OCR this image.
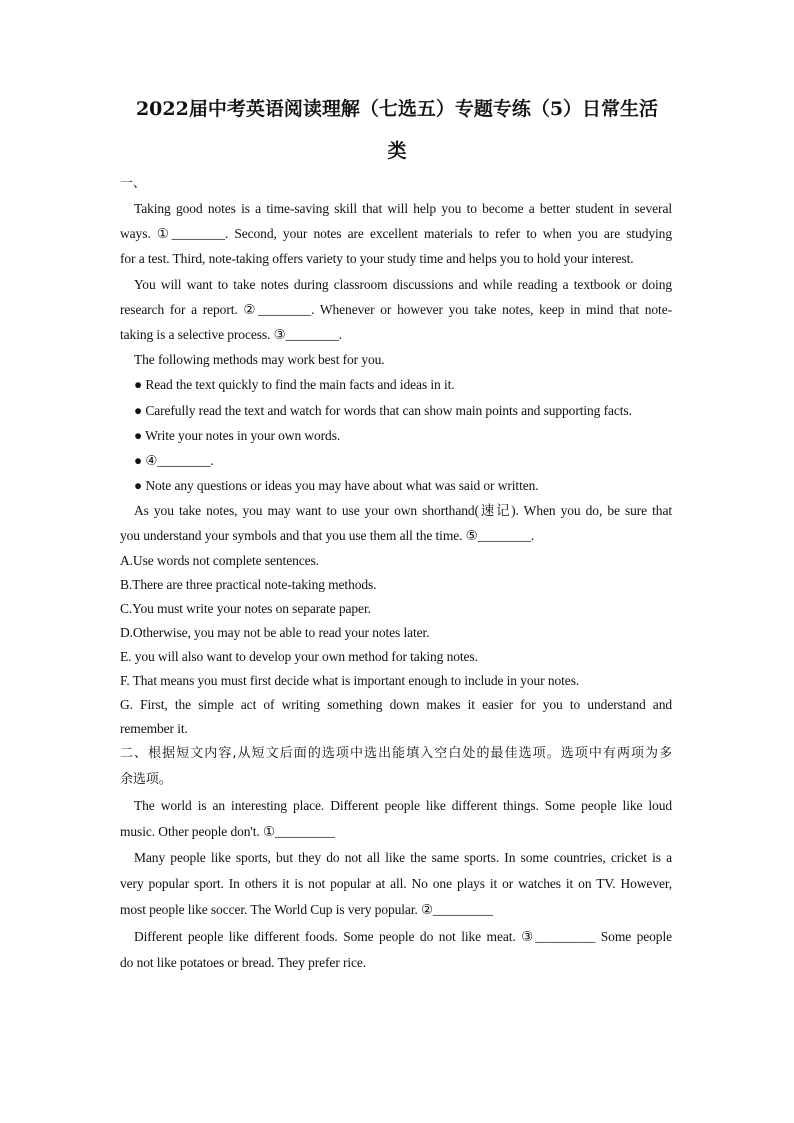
2022届中考英语阅读理解（七选五）专题专练（5）日常生活
类
一、
Taking good notes is a time-saving skill that will help you to become a better student in several
ways. ①________. Second, your notes are excellent materials to refer to when you are studying
for a test. Third, note-taking offers variety to your study time and helps you to hold your interest.
You will want to take notes during classroom discussions and while reading a textbook or doing
research for a report. ②________. Whenever or however you take notes, keep in mind that note-
taking is a selective process. ③________.
The following methods may work best for you.
● Read the text quickly to find the main facts and ideas in it.
● Carefully read the text and watch for words that can show main points and supporting facts.
● Write your notes in your own words.
● ④________.
● Note any questions or ideas you may have about what was said or written.
As you take notes, you may want to use your own shorthand(速记). When you do, be sure that
you understand your symbols and that you use them all the time. ⑤________.
A.Use words not complete sentences.
B.There are three practical note-taking methods.
C.You must write your notes on separate paper.
D.Otherwise, you may not be able to read your notes later.
E. you will also want to develop your own method for taking notes.
F. That means you must first decide what is important enough to include in your notes.
G. First, the simple act of writing something down makes it easier for you to understand and
remember it.
二、根据短文内容,从短文后面的选项中选出能填入空白处的最佳选项。选项中有两项为多
余选项。
The world is an interesting place. Different people like different things. Some people like loud
music. Other people don't. ①_________
Many people like sports, but they do not all like the same sports. In some countries, cricket is a
very popular sport. In others it is not popular at all. No one plays it or watches it on TV. However,
most people like soccer. The World Cup is very popular. ②_________
Different people like different foods. Some people do not like meat. ③_________ Some people
do not like potatoes or bread. They prefer rice.
